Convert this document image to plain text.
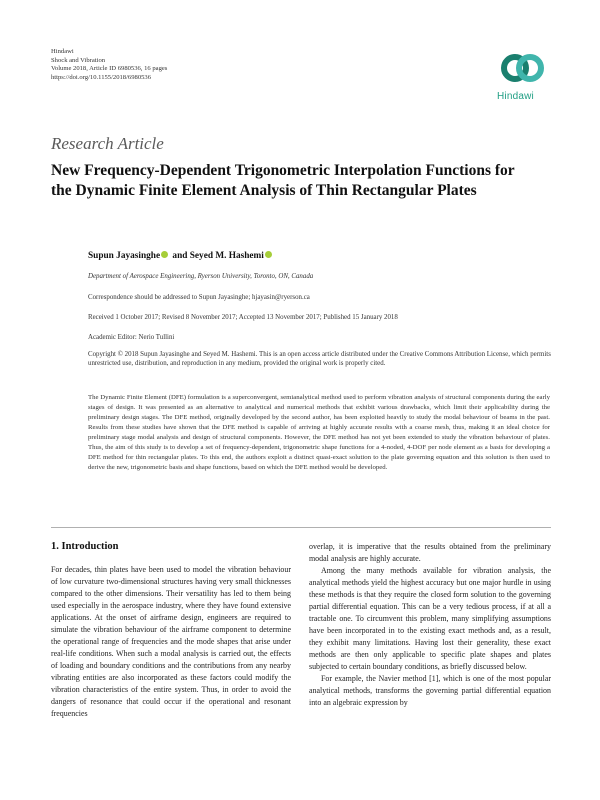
Hindawi
Shock and Vibration
Volume 2018, Article ID 6980536, 16 pages
https://doi.org/10.1155/2018/6980536
Hindawi
Research Article
New Frequency-Dependent Trigonometric Interpolation Functions for the Dynamic Finite Element Analysis of Thin Rectangular Plates
Supun Jayasinghe and Seyed M. Hashemi
Department of Aerospace Engineering, Ryerson University, Toronto, ON, Canada
Correspondence should be addressed to Supun Jayasinghe; hjayasin@ryerson.ca
Received 1 October 2017; Revised 8 November 2017; Accepted 13 November 2017; Published 15 January 2018
Academic Editor: Nerio Tullini
Copyright © 2018 Supun Jayasinghe and Seyed M. Hashemi. This is an open access article distributed under the Creative Commons Attribution License, which permits unrestricted use, distribution, and reproduction in any medium, provided the original work is properly cited.
The Dynamic Finite Element (DFE) formulation is a superconvergent, semianalytical method used to perform vibration analysis of structural components during the early stages of design. It was presented as an alternative to analytical and numerical methods that exhibit various drawbacks, which limit their applicability during the preliminary design stages. The DFE method, originally developed by the second author, has been exploited heavily to study the modal behaviour of beams in the past. Results from these studies have shown that the DFE method is capable of arriving at highly accurate results with a coarse mesh, thus, making it an ideal choice for preliminary stage modal analysis and design of structural components. However, the DFE method has not yet been extended to study the vibration behaviour of plates. Thus, the aim of this study is to develop a set of frequency-dependent, trigonometric shape functions for a 4-noded, 4-DOF per node element as a basis for developing a DFE method for thin rectangular plates. To this end, the authors exploit a distinct quasi-exact solution to the plate governing equation and this solution is then used to derive the new, trigonometric basis and shape functions, based on which the DFE method would be developed.
1. Introduction

For decades, thin plates have been used to model the vibration behaviour of low curvature two-dimensional structures having very small thicknesses compared to the other dimensions. Their versatility has led to them being used especially in the aerospace industry, where they have found extensive applications. At the onset of airframe design, engineers are required to simulate the vibration behaviour of the airframe component to determine the operational range of frequencies and the mode shapes that arise under real-life conditions. When such a modal analysis is carried out, the effects of loading and boundary conditions and the contributions from any nearby vibrating entities are also incorporated as these factors could modify the vibration characteristics of the entire system. Thus, in order to avoid the dangers of resonance that could occur if the operational and resonant frequencies

overlap, it is imperative that the results obtained from the preliminary modal analysis are highly accurate.

Among the many methods available for vibration analysis, the analytical methods yield the highest accuracy but one major hurdle in using these methods is that they require the closed form solution to the governing partial differential equation. This can be a very tedious process, if at all a tractable one. To circumvent this problem, many simplifying assumptions have been incorporated in to the existing exact methods and, as a result, they exhibit many limitations. Having lost their generality, these exact methods are then only applicable to specific plate shapes and plates subjected to certain boundary conditions, as briefly discussed below.

For example, the Navier method [1], which is one of the most popular analytical methods, transforms the governing partial differential equation into an algebraic expression by
